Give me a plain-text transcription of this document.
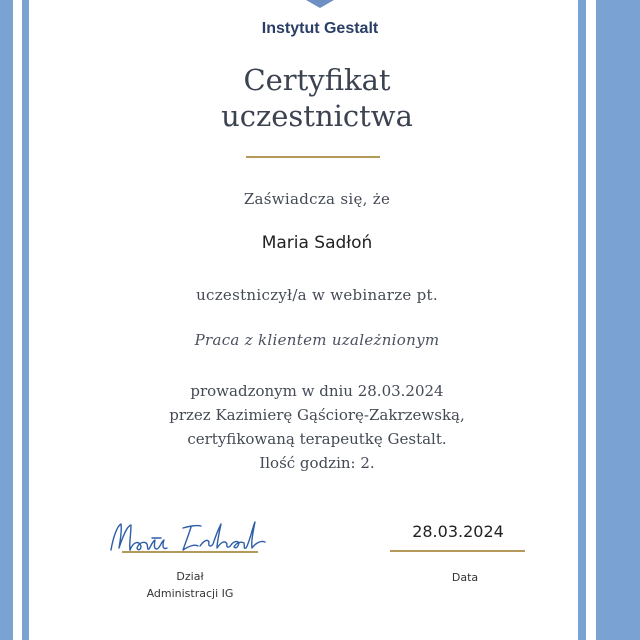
Instytut Gestalt
Certyfikat
uczestnictwa
Zaświadcza się, że
Maria Sadłoń
uczestniczył/a w webinarze pt.
Praca z klientem uzależnionym
prowadzonym w dniu 28.03.2024
przez Kazimierę Gąściorę-Zakrzewską,
certyfikowaną terapeutkę Gestalt.
Ilość godzin: 2.
Dział
Administracji IG
28.03.2024
Data
